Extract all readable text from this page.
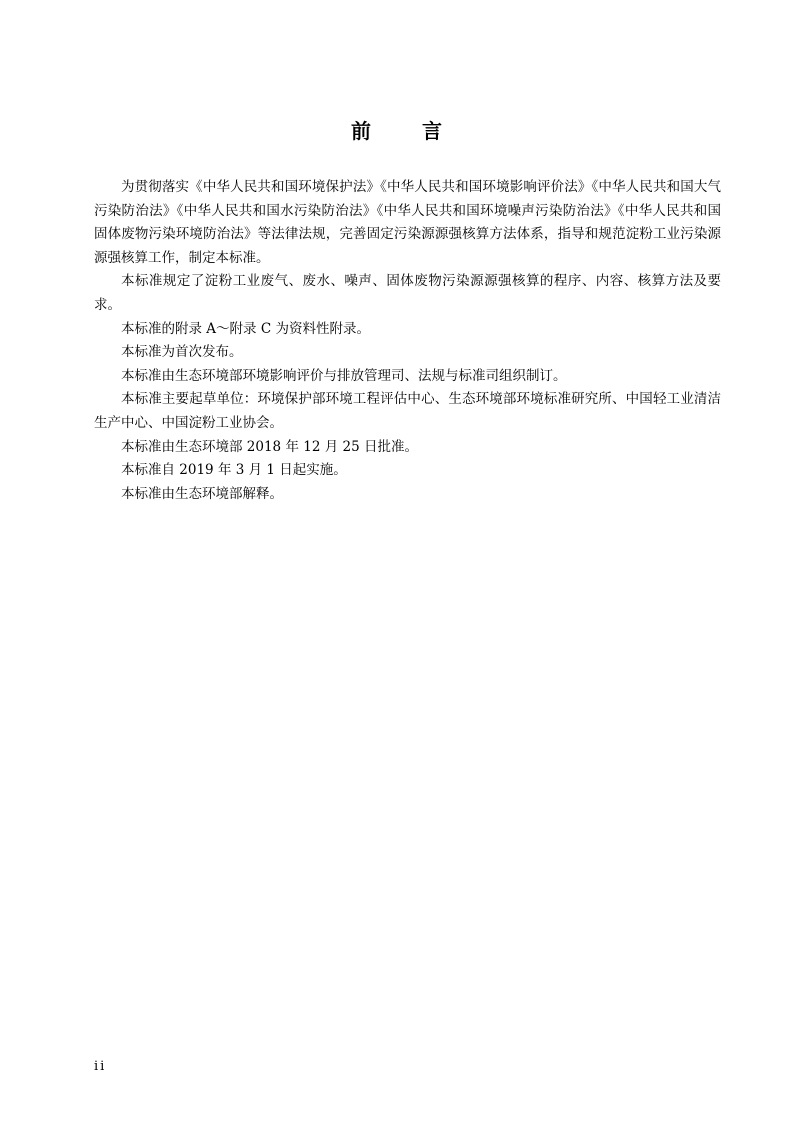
前 言

为贯彻落实《中华人民共和国环境保护法》《中华人民共和国环境影响评价法》《中华人民共和国大气污染防治法》《中华人民共和国水污染防治法》《中华人民共和国环境噪声污染防治法》《中华人民共和国固体废物污染环境防治法》等法律法规，完善固定污染源源强核算方法体系，指导和规范淀粉工业污染源源强核算工作，制定本标准。

本标准规定了淀粉工业废气、废水、噪声、固体废物污染源源强核算的程序、内容、核算方法及要求。

本标准的附录 A～附录 C 为资料性附录。

本标准为首次发布。

本标准由生态环境部环境影响评价与排放管理司、法规与标准司组织制订。

本标准主要起草单位：环境保护部环境工程评估中心、生态环境部环境标准研究所、中国轻工业清洁生产中心、中国淀粉工业协会。

本标准由生态环境部 2018 年 12 月 25 日批准。

本标准自 2019 年 3 月 1 日起实施。

本标准由生态环境部解释。

ii
